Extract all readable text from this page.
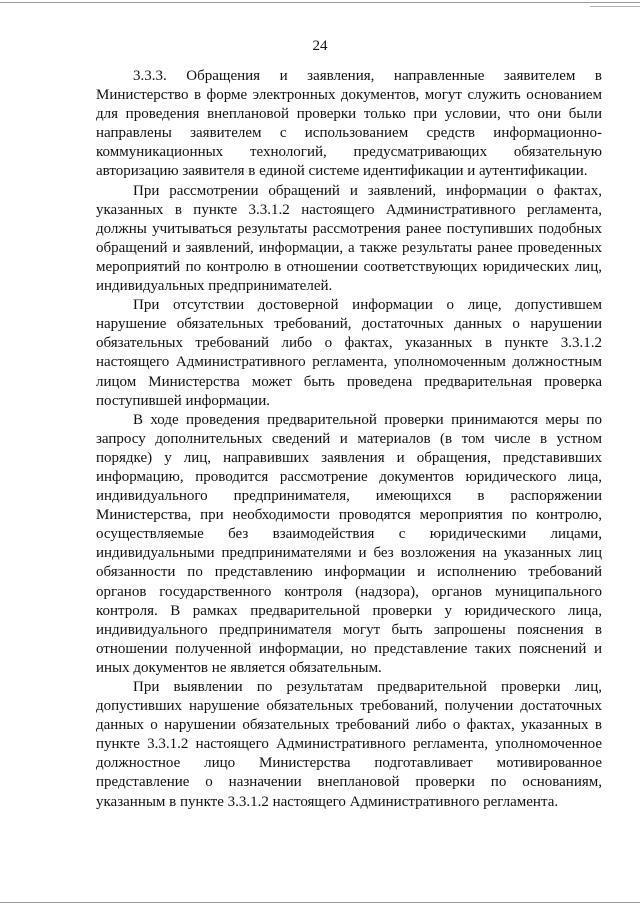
24

3.3.3. Обращения и заявления, направленные заявителем в Министерство в форме электронных документов, могут служить основанием для проведения внеплановой проверки только при условии, что они были направлены заявителем с использованием средств информационно-коммуникационных технологий, предусматривающих обязательную авторизацию заявителя в единой системе идентификации и аутентификации.

При рассмотрении обращений и заявлений, информации о фактах, указанных в пункте 3.3.1.2 настоящего Административного регламента, должны учитываться результаты рассмотрения ранее поступивших подобных обращений и заявлений, информации, а также результаты ранее проведенных мероприятий по контролю в отношении соответствующих юридических лиц, индивидуальных предпринимателей.

При отсутствии достоверной информации о лице, допустившем нарушение обязательных требований, достаточных данных о нарушении обязательных требований либо о фактах, указанных в пункте 3.3.1.2 настоящего Административного регламента, уполномоченным должностным лицом Министерства может быть проведена предварительная проверка поступившей информации.

В ходе проведения предварительной проверки принимаются меры по запросу дополнительных сведений и материалов (в том числе в устном порядке) у лиц, направивших заявления и обращения, представивших информацию, проводится рассмотрение документов юридического лица, индивидуального предпринимателя, имеющихся в распоряжении Министерства, при необходимости проводятся мероприятия по контролю, осуществляемые без взаимодействия с юридическими лицами, индивидуальными предпринимателями и без возложения на указанных лиц обязанности по представлению информации и исполнению требований органов государственного контроля (надзора), органов муниципального контроля. В рамках предварительной проверки у юридического лица, индивидуального предпринимателя могут быть запрошены пояснения в отношении полученной информации, но представление таких пояснений и иных документов не является обязательным.

При выявлении по результатам предварительной проверки лиц, допустивших нарушение обязательных требований, получении достаточных данных о нарушении обязательных требований либо о фактах, указанных в пункте 3.3.1.2 настоящего Административного регламента, уполномоченное должностное лицо Министерства подготавливает мотивированное представление о назначении внеплановой проверки по основаниям, указанным в пункте 3.3.1.2 настоящего Административного регламента.
